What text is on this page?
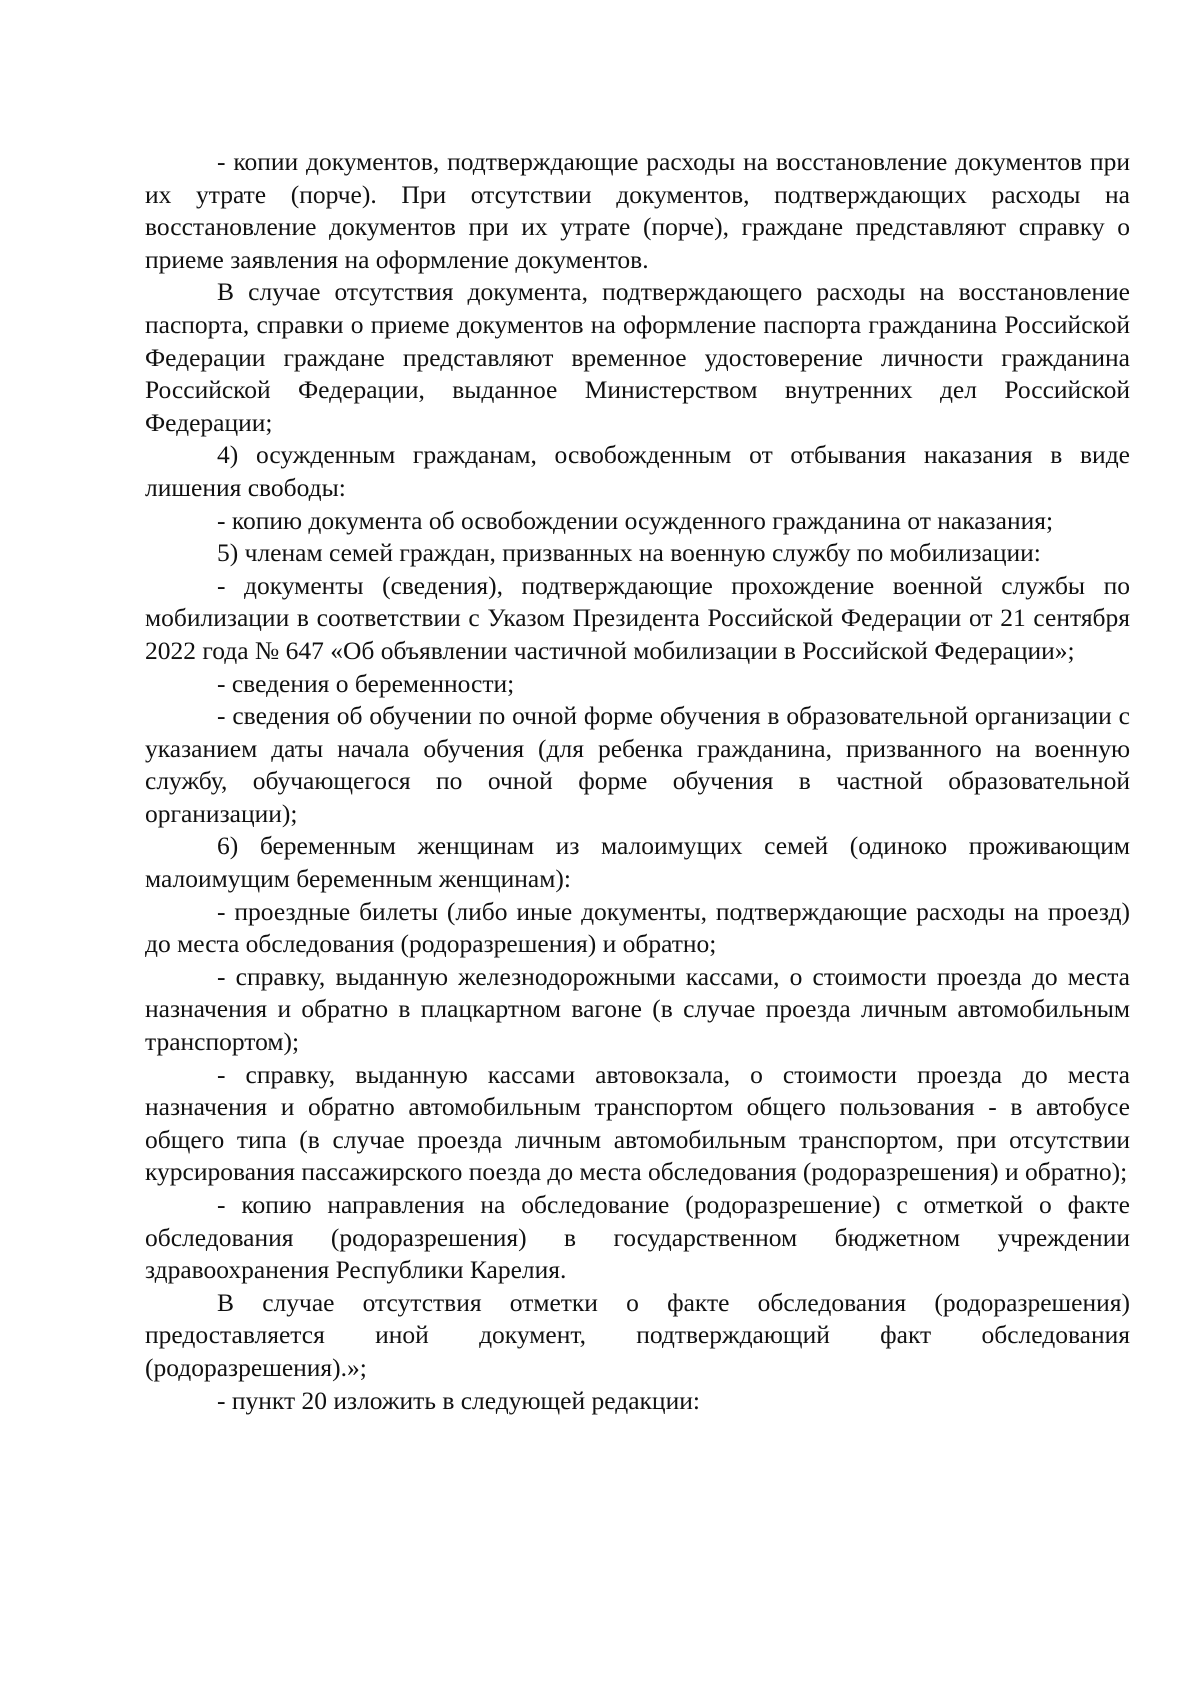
- копии документов, подтверждающие расходы на восстановление документов при их утрате (порче). При отсутствии документов, подтверждающих расходы на восстановление документов при их утрате (порче), граждане представляют справку о приеме заявления на оформление документов.

В случае отсутствия документа, подтверждающего расходы на восстановление паспорта, справки о приеме документов на оформление паспорта гражданина Российской Федерации граждане представляют временное удостоверение личности гражданина Российской Федерации, выданное Министерством внутренних дел Российской Федерации;

4) осужденным гражданам, освобожденным от отбывания наказания в виде лишения свободы:

- копию документа об освобождении осужденного гражданина от наказания;

5) членам семей граждан, призванных на военную службу по мобилизации:

- документы (сведения), подтверждающие прохождение военной службы по мобилизации в соответствии с Указом Президента Российской Федерации от 21 сентября 2022 года № 647 «Об объявлении частичной мобилизации в Российской Федерации»;

- сведения о беременности;

- сведения об обучении по очной форме обучения в образовательной организации с указанием даты начала обучения (для ребенка гражданина, призванного на военную службу, обучающегося по очной форме обучения в частной образовательной организации);

6) беременным женщинам из малоимущих семей (одиноко проживающим малоимущим беременным женщинам):

- проездные билеты (либо иные документы, подтверждающие расходы на проезд) до места обследования (родоразрешения) и обратно;

- справку, выданную железнодорожными кассами, о стоимости проезда до места назначения и обратно в плацкартном вагоне (в случае проезда личным автомобильным транспортом);

- справку, выданную кассами автовокзала, о стоимости проезда до места назначения и обратно автомобильным транспортом общего пользования - в автобусе общего типа (в случае проезда личным автомобильным транспортом, при отсутствии курсирования пассажирского поезда до места обследования (родоразрешения) и обратно);

- копию направления на обследование (родоразрешение) с отметкой о факте обследования (родоразрешения) в государственном бюджетном учреждении здравоохранения Республики Карелия.

В случае отсутствия отметки о факте обследования (родоразрешения) предоставляется иной документ, подтверждающий факт обследования (родоразрешения).»;

- пункт 20 изложить в следующей редакции:
